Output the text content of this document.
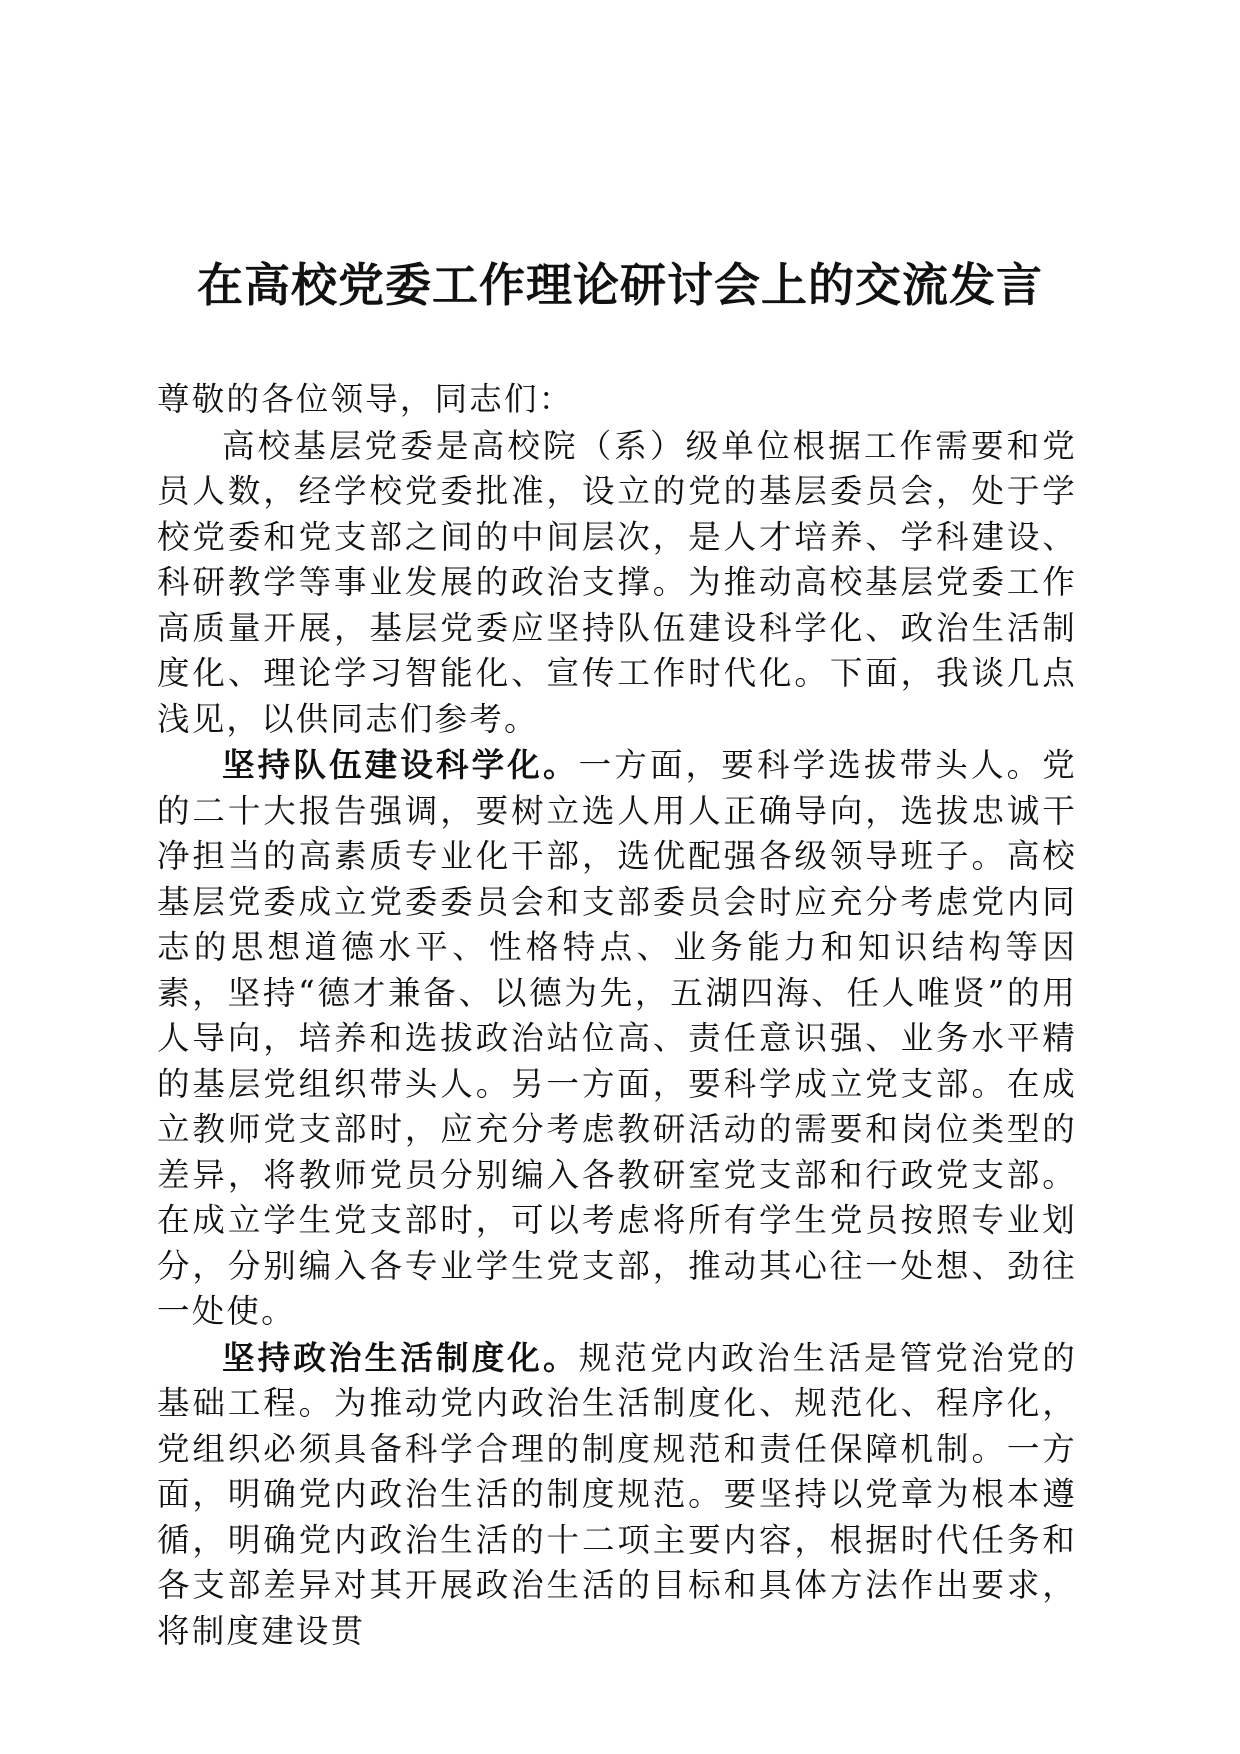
在高校党委工作理论研讨会上的交流发言

尊敬的各位领导，同志们：

高校基层党委是高校院（系）级单位根据工作需要和党员人数，经学校党委批准，设立的党的基层委员会，处于学校党委和党支部之间的中间层次，是人才培养、学科建设、科研教学等事业发展的政治支撑。为推动高校基层党委工作高质量开展，基层党委应坚持队伍建设科学化、政治生活制度化、理论学习智能化、宣传工作时代化。下面，我谈几点浅见，以供同志们参考。

坚持队伍建设科学化。一方面，要科学选拔带头人。党的二十大报告强调，要树立选人用人正确导向，选拔忠诚干净担当的高素质专业化干部，选优配强各级领导班子。高校基层党委成立党委委员会和支部委员会时应充分考虑党内同志的思想道德水平、性格特点、业务能力和知识结构等因素，坚持“德才兼备、以德为先，五湖四海、任人唯贤”的用人导向，培养和选拔政治站位高、责任意识强、业务水平精的基层党组织带头人。另一方面，要科学成立党支部。在成立教师党支部时，应充分考虑教研活动的需要和岗位类型的差异，将教师党员分别编入各教研室党支部和行政党支部。在成立学生党支部时，可以考虑将所有学生党员按照专业划分，分别编入各专业学生党支部，推动其心往一处想、劲往一处使。

坚持政治生活制度化。规范党内政治生活是管党治党的基础工程。为推动党内政治生活制度化、规范化、程序化，党组织必须具备科学合理的制度规范和责任保障机制。一方面，明确党内政治生活的制度规范。要坚持以党章为根本遵循，明确党内政治生活的十二项主要内容，根据时代任务和各支部差异对其开展政治生活的目标和具体方法作出要求，将制度建设贯
